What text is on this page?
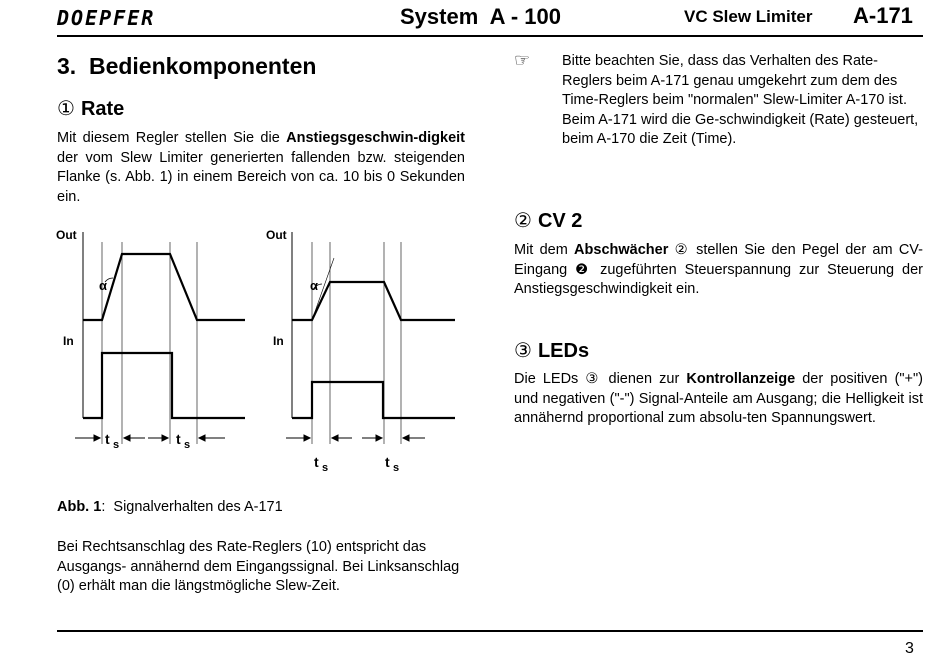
DOEPFER	System  A - 100	VC Slew Limiter A-171
3.  Bedienkomponenten
① Rate
Mit diesem Regler stellen Sie die Anstiegsgeschwin-digkeit der vom Slew Limiter generierten fallenden bzw. steigenden Flanke (s. Abb. 1) in einem Bereich von ca. 10 bis 0 Sekunden ein.
Out
In
α
t s	t s
Out
In
α
t s	t s
Abb. 1:  Signalverhalten des A-171
Bei Rechtsanschlag des Rate-Reglers (10) entspricht das Ausgangs- annähernd dem Eingangssignal. Bei Linksanschlag (0) erhält man die längstmögliche Slew-Zeit.
☞ Bitte beachten Sie, dass das Verhalten des Rate-Reglers beim A-171 genau umgekehrt zum dem des Time-Reglers beim "normalen" Slew-Limiter A-170 ist. Beim A-171 wird die Ge-schwindigkeit (Rate) gesteuert, beim A-170 die Zeit (Time).
② CV 2
Mit dem Abschwächer ② stellen Sie den Pegel der am CV-Eingang ❷ zugeführten Steuerspannung zur Steuerung der Anstiegsgeschwindigkeit ein.
③ LEDs
Die LEDs ③ dienen zur Kontrollanzeige der positiven ("+") und negativen ("-") Signal-Anteile am Ausgang; die Helligkeit ist annähernd proportional zum absolu-ten Spannungswert.
3
